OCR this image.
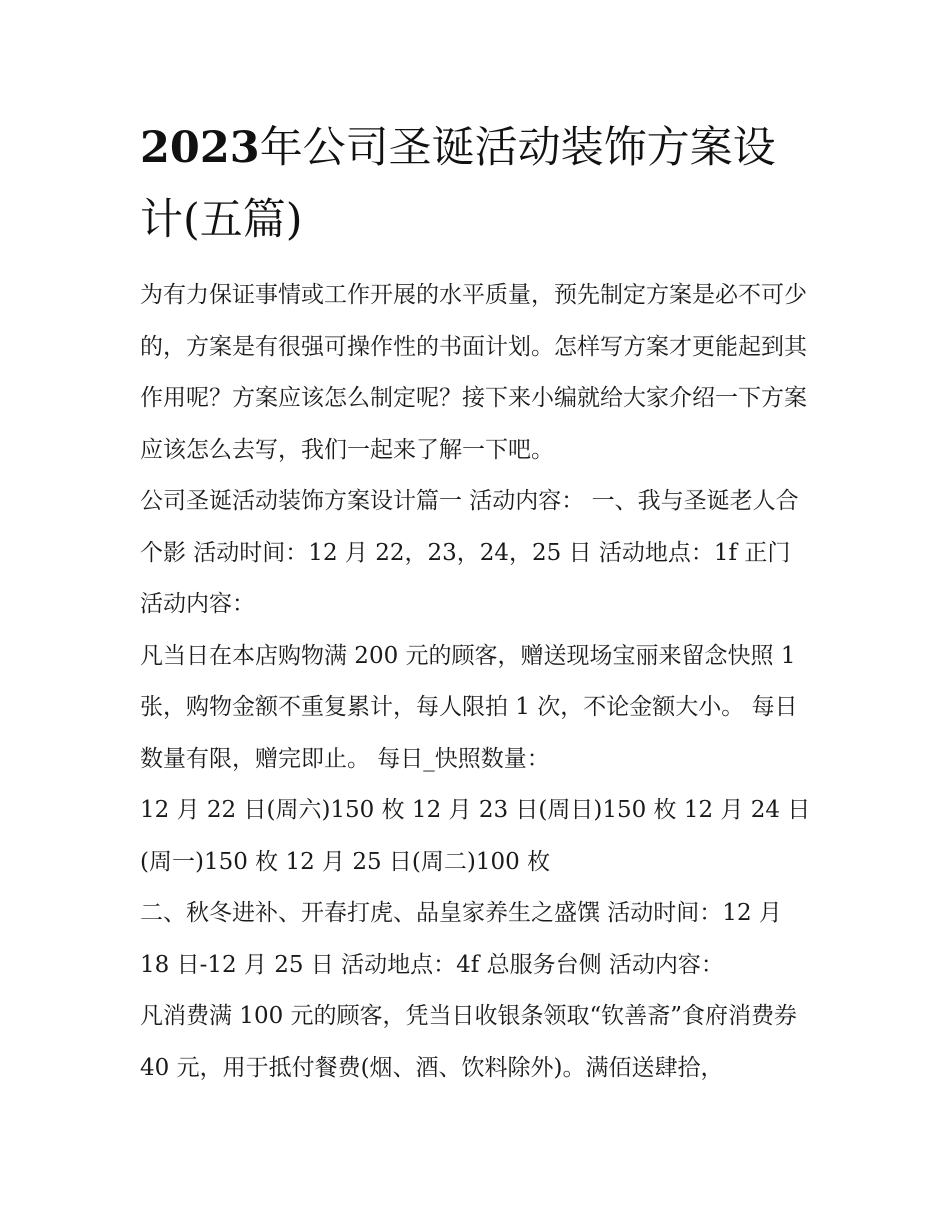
2023年公司圣诞活动装饰方案设计(五篇)

为有力保证事情或工作开展的水平质量，预先制定方案是必不可少的，方案是有很强可操作性的书面计划。怎样写方案才更能起到其作用呢？方案应该怎么制定呢？接下来小编就给大家介绍一下方案应该怎么去写，我们一起来了解一下吧。

公司圣诞活动装饰方案设计篇一 活动内容： 一、我与圣诞老人合个影 活动时间：12 月 22，23，24，25 日 活动地点：1f 正门 活动内容：

凡当日在本店购物满 200 元的顾客，赠送现场宝丽来留念快照 1 张，购物金额不重复累计，每人限拍 1 次，不论金额大小。 每日数量有限，赠完即止。 每日_快照数量：

12 月 22 日(周六)150 枚 12 月 23 日(周日)150 枚 12 月 24 日(周一)150 枚 12 月 25 日(周二)100 枚

二、秋冬进补、开春打虎、品皇家养生之盛馔 活动时间：12 月 18 日-12 月 25 日 活动地点：4f 总服务台侧 活动内容：

凡消费满 100 元的顾客，凭当日收银条领取“钦善斋”食府消费券 40 元，用于抵付餐费(烟、酒、饮料除外)。满佰送肆拾，
